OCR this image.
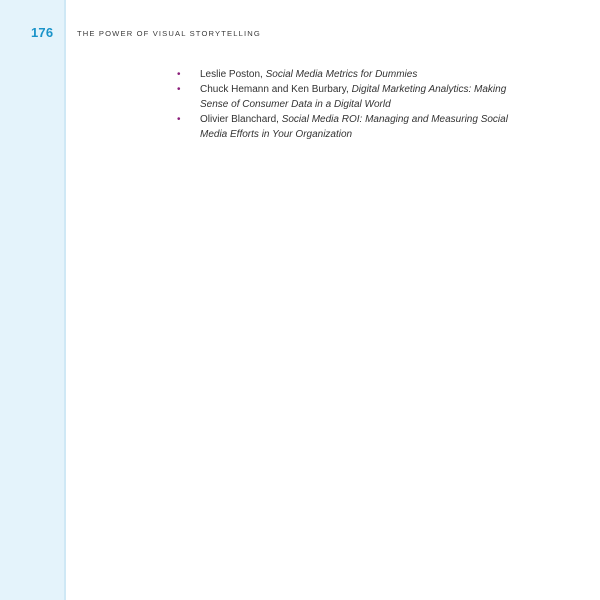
176	THE POWER OF VISUAL STORYTELLING
•	Leslie Poston, Social Media Metrics for Dummies
•	Chuck Hemann and Ken Burbary, Digital Marketing Analytics: Making Sense of Consumer Data in a Digital World
•	Olivier Blanchard, Social Media ROI: Managing and Measuring Social Media Efforts in Your Organization
